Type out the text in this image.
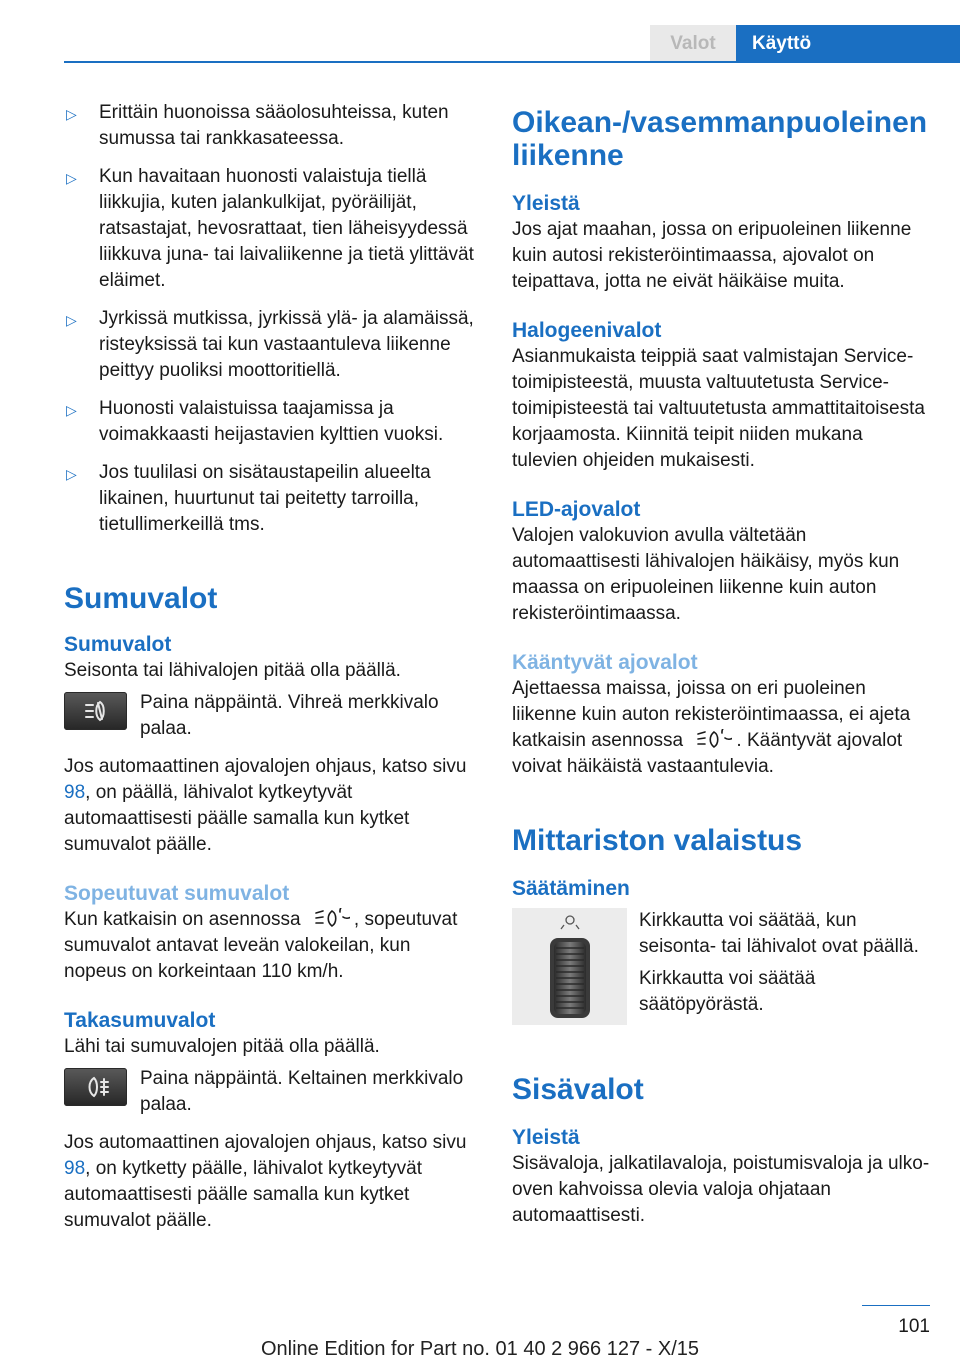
Valot	Käyttö
▷ Erittäin huonoissa sääolosuhteissa, kuten sumussa tai rankkasateessa.
▷ Kun havaitaan huonosti valaistuja tiellä liikkujia, kuten jalankulkijat, pyöräilijät, ratsastajat, hevosrattaat, tien läheisyydessä liikkuva juna- tai laivaliikenne ja tietä ylittävät eläimet.
▷ Jyrkissä mutkissa, jyrkissä ylä- ja alamäissä, risteyksissä tai kun vastaantuleva liikenne peittyy puoliksi moottoritiellä.
▷ Huonosti valaistuissa taajamissa ja voimakkaasti heijastavien kylttien vuoksi.
▷ Jos tuulilasi on sisätaustapeilin alueelta likainen, huurtunut tai peitetty tarroilla, tietullimerkeillä tms.
Sumuvalot
Sumuvalot

Seisonta tai lähivalojen pitää olla päällä.

Paina näppäintä. Vihreä merkkivalo palaa.

Jos automaattinen ajovalojen ohjaus, katso sivu 98, on päällä, lähivalot kytkeytyvät automaattisesti päälle samalla kun kytket sumuvalot päälle.

Sopeutuvat sumuvalot

Kun katkaisin on asennossa	, sopeutuvat sumuvalot antavat leveän valokeilan, kun nopeus on korkeintaan 110 km/h.

Takasumuvalot

Lähi tai sumuvalojen pitää olla päällä.

Paina näppäintä. Keltainen merkkivalo palaa.

Jos automaattinen ajovalojen ohjaus, katso sivu 98, on kytketty päälle, lähivalot kytkeytyvät automaattisesti päälle samalla kun kytket sumuvalot päälle.

Oikean-/vasemmanpuoleinen liikenne
Yleistä

Jos ajat maahan, jossa on eripuoleinen liikenne kuin autosi rekisteröintimaassa, ajovalot on teipattava, jotta ne eivät häikäise muita.

Halogeenivalot

Asianmukaista teippiä saat valmistajan Service-toimipisteestä, muusta valtuutetusta Service-toimipisteestä tai valtuutetusta ammattitaitoisesta korjaamosta. Kiinnitä teipit niiden mukana tulevien ohjeiden mukaisesti.

LED-ajovalot

Valojen valokuvion avulla vältetään automaattisesti lähivalojen häikäisy, myös kun maassa on eripuoleinen liikenne kuin auton rekisteröintimaassa.

Kääntyvät ajovalot

Ajettaessa maissa, joissa on eri puoleinen liikenne kuin auton rekisteröintimaassa, ei ajeta katkaisin asennossa	. Kääntyvät ajovalot voivat häikäistä vastaantulevia.

Mittariston valaistus
Säätäminen

Kirkkautta voi säätää, kun seisonta- tai lähivalot ovat päällä.

Kirkkautta voi säätää säätöpyörästä.

Sisävalot
Yleistä

Sisävaloja, jalkatilavaloja, poistumisvaloja ja ulko-oven kahvoissa olevia valoja ohjataan automaattisesti.

101
Online Edition for Part no. 01 40 2 966 127 - X/15
